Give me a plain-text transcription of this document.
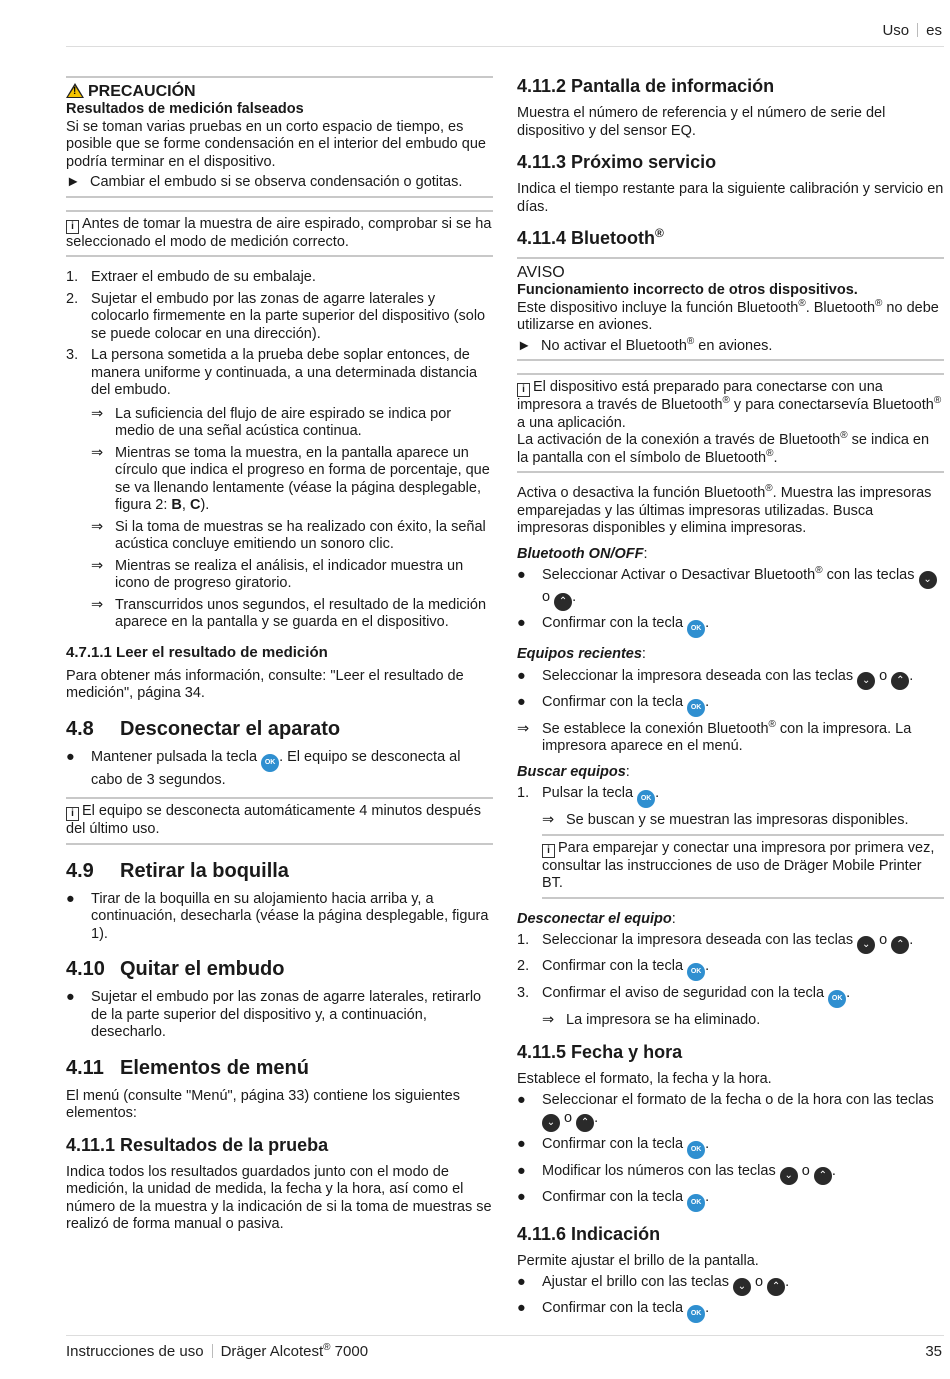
Uso es
!PRECAUCIÓN
Resultados de medición falseados
Si se toman varias pruebas en un corto espacio de tiempo, es posible que se forme condensación en el interior del embudo que podría terminar en el dispositivo.
► Cambiar el embudo si se observa condensación o gotitas.
i Antes de tomar la muestra de aire espirado, comprobar si se ha seleccionado el modo de medición correcto.
1. Extraer el embudo de su embalaje.
2. Sujetar el embudo por las zonas de agarre laterales y colocarlo firmemente en la parte superior del dispositivo (solo se puede colocar en una dirección).
3. La persona sometida a la prueba debe soplar entonces, de manera uniforme y continuada, a una determinada distancia del embudo.
⇒ La suficiencia del flujo de aire espirado se indica por medio de una señal acústica continua.
⇒ Mientras se toma la muestra, en la pantalla aparece un círculo que indica el progreso en forma de porcentaje, que se va llenando lentamente (véase la página desplegable, figura 2: B, C).
⇒ Si la toma de muestras se ha realizado con éxito, la señal acústica concluye emitiendo un sonoro clic.
⇒ Mientras se realiza el análisis, el indicador muestra un icono de progreso giratorio.
⇒ Transcurridos unos segundos, el resultado de la medición aparece en la pantalla y se guarda en el dispositivo.
4.7.1.1 Leer el resultado de medición

Para obtener más información, consulte: "Leer el resultado de medición", página 34.

4.8 Desconectar el aparato
● Mantener pulsada la tecla OK . El equipo se desconecta al cabo de 3 segundos.
i El equipo se desconecta automáticamente 4 minutos después del último uso.
4.9 Retirar la boquilla
● Tirar de la boquilla en su alojamiento hacia arriba y, a continuación, desecharla (véase la página desplegable, figura 1).
4.10 Quitar el embudo
● Sujetar el embudo por las zonas de agarre laterales, retirarlo de la parte superior del dispositivo y, a continuación, desecharlo.
4.11 Elementos de menú

El menú (consulte "Menú", página 33) contiene los siguientes elementos:

4.11.1 Resultados de la prueba

Indica todos los resultados guardados junto con el modo de medición, la unidad de medida, la fecha y la hora, así como el número de la muestra y la indicación de si la toma de muestras se realizó de forma manual o pasiva.

4.11.2 Pantalla de información

Muestra el número de referencia y el número de serie del dispositivo y del sensor EQ.

4.11.3 Próximo servicio

Indica el tiempo restante para la siguiente calibración y servicio en días.

4.11.4 Bluetooth®
AVISO
Funcionamiento incorrecto de otros dispositivos.
Este dispositivo incluye la función Bluetooth®. Bluetooth® no debe utilizarse en aviones.
► No activar el Bluetooth® en aviones.
i El dispositivo está preparado para conectarse con una impresora a través de Bluetooth® y para conectarsevía Bluetooth® a una aplicación.
La activación de la conexión a través de Bluetooth® se indica en la pantalla con el símbolo de Bluetooth®.

Activa o desactiva la función Bluetooth®. Muestra las impresoras emparejadas y las últimas impresoras utilizadas. Busca impresoras disponibles y elimina impresoras.

Bluetooth ON/OFF:
● Seleccionar Activar o Desactivar Bluetooth® con las teclas ⌄ o ⌃ .
● Confirmar con la tecla OK .
Equipos recientes:
● Seleccionar la impresora deseada con las teclas ⌄ o ⌃ .
● Confirmar con la tecla OK .
⇒ Se establece la conexión Bluetooth® con la impresora. La impresora aparece en el menú.
Buscar equipos:
1. Pulsar la tecla OK .
⇒ Se buscan y se muestran las impresoras disponibles.
i Para emparejar y conectar una impresora por primera vez, consultar las instrucciones de uso de Dräger Mobile Printer BT.
Desconectar el equipo:
1. Seleccionar la impresora deseada con las teclas ⌄ o ⌃ .
2. Confirmar con la tecla OK .
3. Confirmar el aviso de seguridad con la tecla OK .
⇒ La impresora se ha eliminado.
4.11.5 Fecha y hora

Establece el formato, la fecha y la hora.

● Seleccionar el formato de la fecha o de la hora con las teclas ⌄ o ⌃ .
● Confirmar con la tecla OK .
● Modificar los números con las teclas ⌄ o ⌃ .
● Confirmar con la tecla OK .
4.11.6 Indicación

Permite ajustar el brillo de la pantalla.

● Ajustar el brillo con las teclas ⌄ o ⌃ .
● Confirmar con la tecla OK .
Instrucciones de uso Dräger Alcotest® 7000	35
